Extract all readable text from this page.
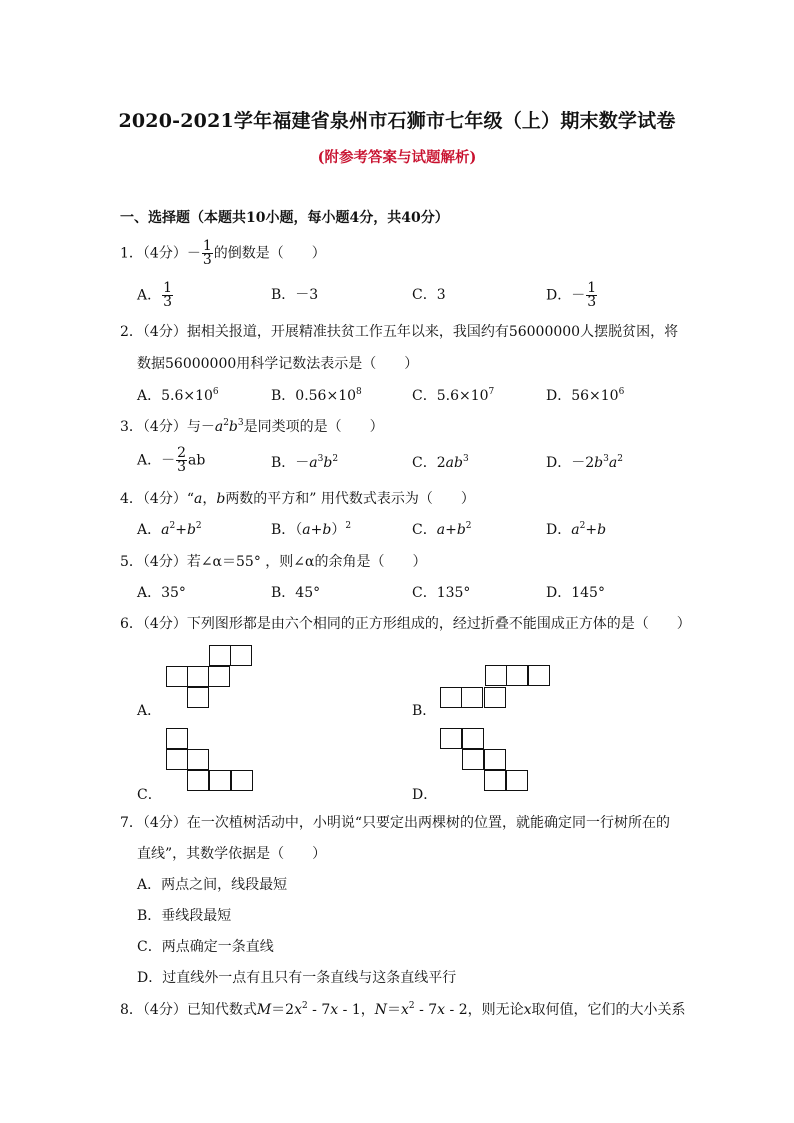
2020-2021学年福建省泉州市石狮市七年级（上）期末数学试卷
(附参考答案与试题解析)
一、选择题（本题共10小题，每小题4分，共40分）
1．（4分）－ $\frac{1}{3}$ 的倒数是（　　）
A． $\frac{1}{3}$	B．－3	C．3	D．－ $\frac{1}{3}$
2．（4分）据相关报道，开展精准扶贫工作五年以来，我国约有56000000人摆脱贫困，将
数据56000000用科学记数法表示是（　　）
A．$5.6\times 10^6$	B．$0.56\times 10^8$	C．$5.6\times 10^7$	D．$56\times 10^6$
3．（4分）与$-a^2b^3$是同类项的是（　　）
A．－ $\frac{2}{3}$ ab	B．$-a^3b^2$	C．$2ab^3$	D．$-2b^3a^2$
4．（4分）“a，b两数的平方和” 用代数式表示为（　　）
A．$a^2+b^2$	B．$(a+b)^2$	C．$a+b^2$	D．$a^2+b$
5．（4分）若∠α＝55° ，则∠α的余角是（　　）
A．35°	B．45°	C．135°	D．145°
6．（4分）下列图形都是由六个相同的正方形组成的，经过折叠不能围成正方体的是（　　）
A．	B．
C．	D．
7．（4分）在一次植树活动中，小明说“只要定出两棵树的位置，就能确定同一行树所在的
直线”，其数学依据是（　　）
A．两点之间，线段最短
B．垂线段最短
C．两点确定一条直线
D．过直线外一点有且只有一条直线与这条直线平行
8．（4分）已知代数式$M=2x^2 - 7x - 1$，$N=x^2 - 7x - 2$，则无论x取何值，它们的大小关系
